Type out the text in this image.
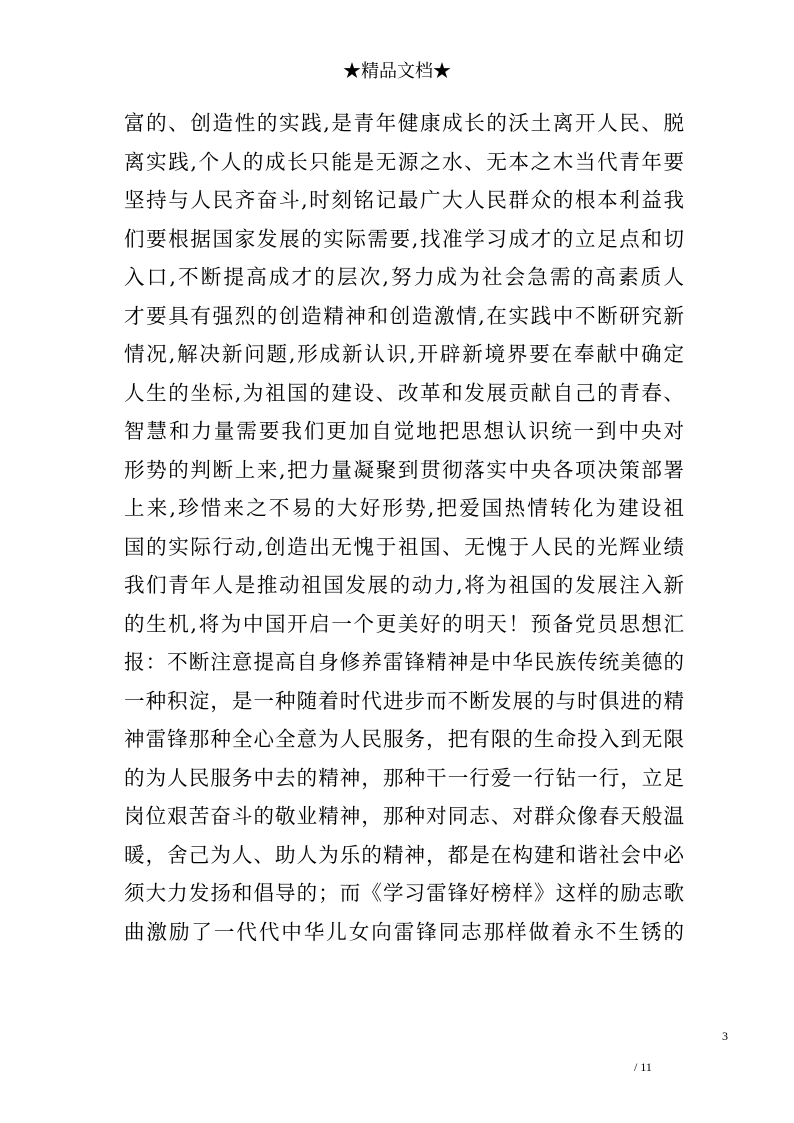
★精品文档★
富的、创造性的实践,是青年健康成长的沃土离开人民、脱
离实践,个人的成长只能是无源之水、无本之木当代青年要
坚持与人民齐奋斗,时刻铭记最广大人民群众的根本利益我
们要根据国家发展的实际需要,找准学习成才的立足点和切
入口,不断提高成才的层次,努力成为社会急需的高素质人
才要具有强烈的创造精神和创造激情,在实践中不断研究新
情况,解决新问题,形成新认识,开辟新境界要在奉献中确定
人生的坐标,为祖国的建设、改革和发展贡献自己的青春、
智慧和力量需要我们更加自觉地把思想认识统一到中央对
形势的判断上来,把力量凝聚到贯彻落实中央各项决策部署
上来,珍惜来之不易的大好形势,把爱国热情转化为建设祖
国的实际行动,创造出无愧于祖国、无愧于人民的光辉业绩
我们青年人是推动祖国发展的动力,将为祖国的发展注入新
的生机,将为中国开启一个更美好的明天！预备党员思想汇
报：不断注意提高自身修养雷锋精神是中华民族传统美德的
一种积淀，是一种随着时代进步而不断发展的与时俱进的精
神雷锋那种全心全意为人民服务，把有限的生命投入到无限
的为人民服务中去的精神，那种干一行爱一行钻一行，立足
岗位艰苦奋斗的敬业精神，那种对同志、对群众像春天般温
暖，舍己为人、助人为乐的精神，都是在构建和谐社会中必
须大力发扬和倡导的；而《学习雷锋好榜样》这样的励志歌
曲激励了一代代中华儿女向雷锋同志那样做着永不生锈的
3
/ 11
